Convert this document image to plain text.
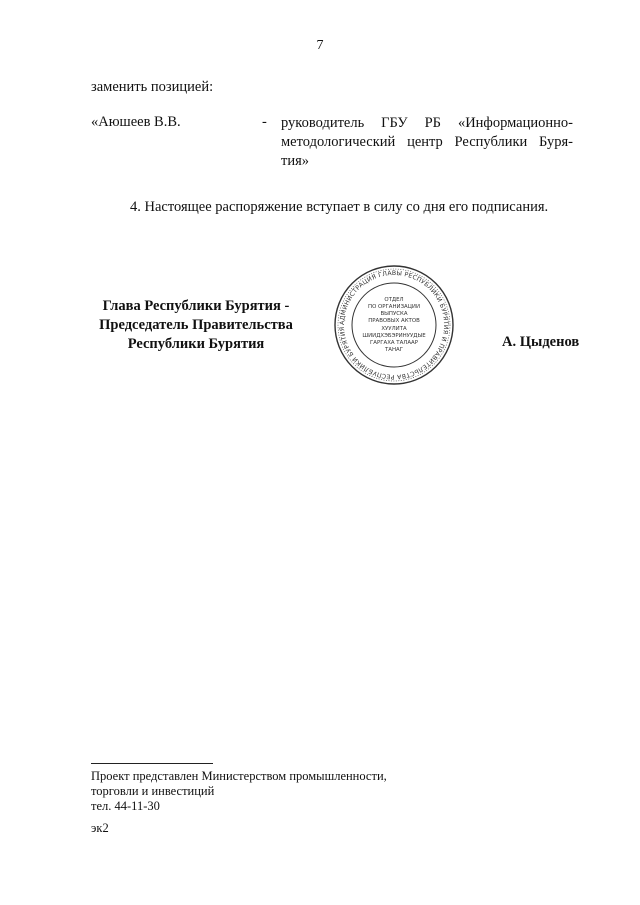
7
заменить позицией:
«Аюшеев В.В.	- руководитель ГБУ РБ «Информационно-
методологический центр Республики Буря-
тия»
4. Настоящее распоряжение вступает в силу со дня его подписания.
Глава Республики Бурятия -
Председатель Правительства
Республики Бурятия
АДМИНИСТРАЦИЯ ГЛАВЫ РЕСПУБЛИКИ БУРЯТИЯ И ПРАВИТЕЛЬСТВА РЕСПУБЛИКИ БУРЯТИЯ
ОТДЕЛ
ПО ОРГАНИЗАЦИИ
ВЫПУСКА
ПРАВОВЫХ АКТОВ
ХУУЛИТА
ШИИДХЭБЭРИНУУДЫЕ
ГАРГАХА ТАЛААР
ТАНАГ	А. Цыденов
Проект представлен Министерством промышленности,
торговли и инвестиций
тел. 44-11-30
эк2
